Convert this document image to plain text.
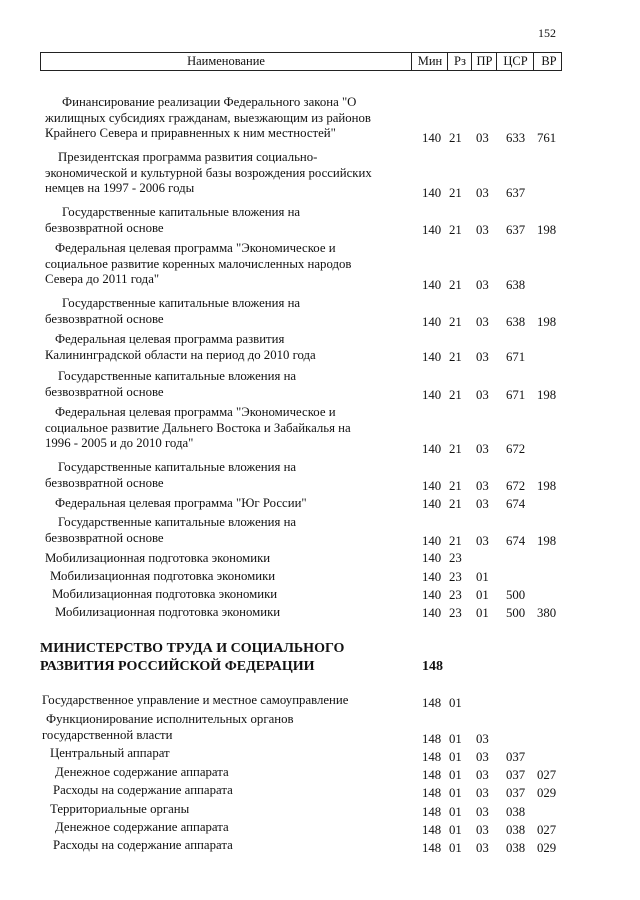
152
Наименование	Мин Рз ПР ЦСР	ВР
Финансирование реализации Федерального закона "О
жилищных субсидиях гражданам, выезжающим из районов
Крайнего Севера и приравненных к ним местностей"	140 21 03 633 761
Президентская программа развития социально-
экономической и культурной базы возрождения российских
немцев на 1997 - 2006 годы	140 21 03 637
Государственные капитальные вложения на
безвозвратной основе	140 21 03 637 198
Федеральная целевая программа "Экономическое и
социальное развитие коренных малочисленных народов
Севера до 2011 года"	140 21 03 638
Государственные капитальные вложения на
безвозвратной основе	140 21 03 638 198
Федеральная целевая программа развития
Калининградской области на период до 2010 года	140 21 03 671
Государственные капитальные вложения на
безвозвратной основе	140 21 03 671 198
Федеральная целевая программа "Экономическое и
социальное развитие Дальнего Востока и Забайкалья на
1996 - 2005 и до 2010 года"	140 21 03 672
Государственные капитальные вложения на
безвозвратной основе	140 21 03 672 198
Федеральная целевая программа "Юг России"	140 21 03 674
Государственные капитальные вложения на
безвозвратной основе	140 21 03 674 198
Мобилизационная подготовка экономики	140 23
Мобилизационная подготовка экономики	140 23 01
Мобилизационная подготовка экономики	140 23 01 500
Мобилизационная подготовка экономики	140 23 01 500 380
МИНИСТЕРСТВО ТРУДА И СОЦИАЛЬНОГО
РАЗВИТИЯ РОССИЙСКОЙ ФЕДЕРАЦИИ	148
Государственное управление и местное самоуправление	148 01
Функционирование исполнительных органов
государственной власти	148 01 03
Центральный аппарат	148 01 03 037
Денежное содержание аппарата	148 01 03 037 027
Расходы на содержание аппарата	148 01 03 037 029
Территориальные органы	148 01 03 038
Денежное содержание аппарата	148 01 03 038 027
Расходы на содержание аппарата	148 01 03 038 029
